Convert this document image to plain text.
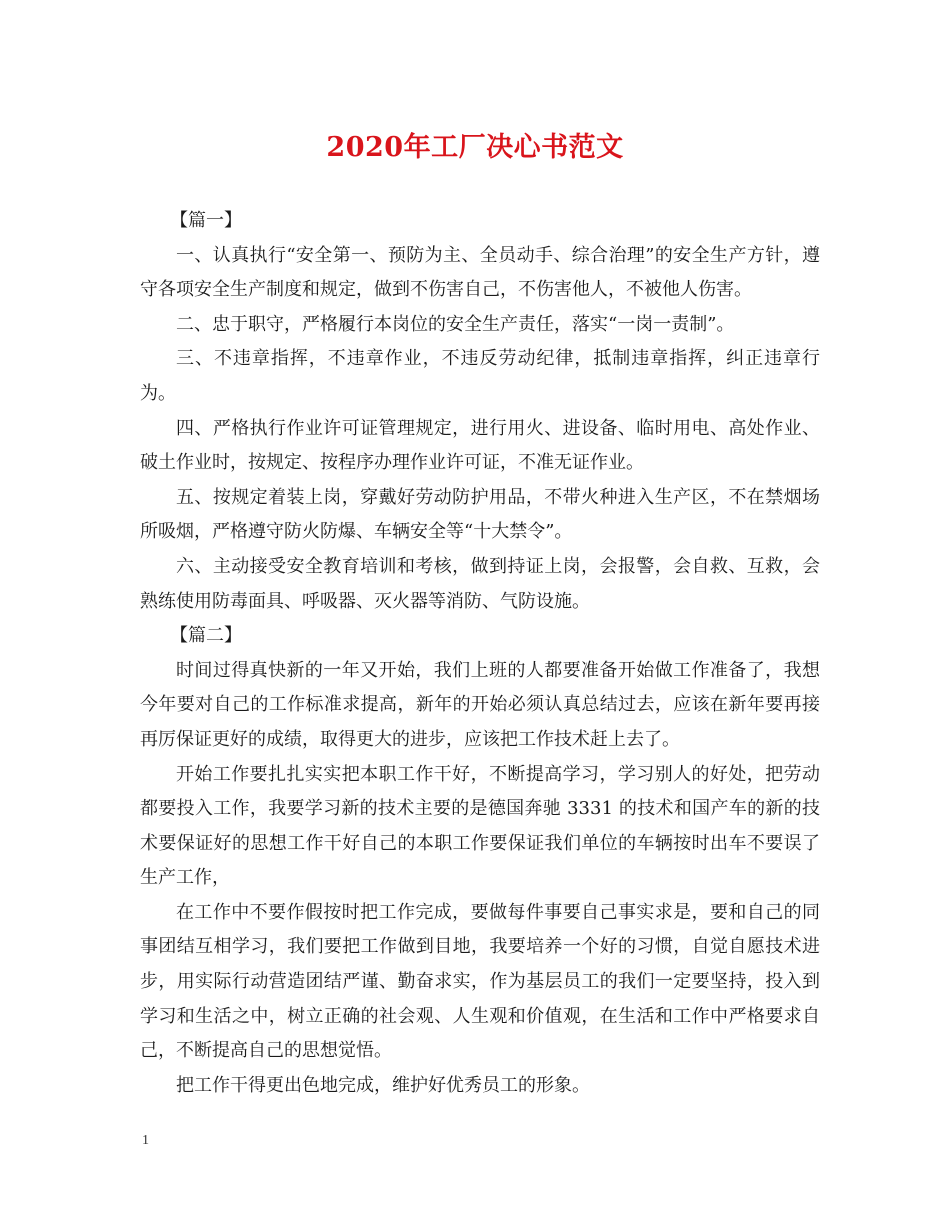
2020年工厂决心书范文

【篇一】

一、认真执行“安全第一、预防为主、全员动手、综合治理”的安全生产方针，遵守各项安全生产制度和规定，做到不伤害自己，不伤害他人，不被他人伤害。

二、忠于职守，严格履行本岗位的安全生产责任，落实“一岗一责制”。

三、不违章指挥，不违章作业，不违反劳动纪律，抵制违章指挥，纠正违章行为。

四、严格执行作业许可证管理规定，进行用火、进设备、临时用电、高处作业、破土作业时，按规定、按程序办理作业许可证，不准无证作业。

五、按规定着装上岗，穿戴好劳动防护用品，不带火种进入生产区，不在禁烟场所吸烟，严格遵守防火防爆、车辆安全等“十大禁令”。

六、主动接受安全教育培训和考核，做到持证上岗，会报警，会自救、互救，会熟练使用防毒面具、呼吸器、灭火器等消防、气防设施。

【篇二】

时间过得真快新的一年又开始，我们上班的人都要准备开始做工作准备了，我想今年要对自己的工作标准求提高，新年的开始必须认真总结过去，应该在新年要再接再厉保证更好的成绩，取得更大的进步，应该把工作技术赶上去了。

开始工作要扎扎实实把本职工作干好，不断提高学习，学习别人的好处，把劳动都要投入工作，我要学习新的技术主要的是德国奔驰 3331 的技术和国产车的新的技术要保证好的思想工作干好自己的本职工作要保证我们单位的车辆按时出车不要误了生产工作，

在工作中不要作假按时把工作完成，要做每件事要自己事实求是，要和自己的同事团结互相学习，我们要把工作做到目地，我要培养一个好的习惯，自觉自愿技术进步，用实际行动营造团结严谨、勤奋求实，作为基层员工的我们一定要坚持，投入到学习和生活之中，树立正确的社会观、人生观和价值观，在生活和工作中严格要求自己，不断提高自己的思想觉悟。

把工作干得更出色地完成，维护好优秀员工的形象。

1
